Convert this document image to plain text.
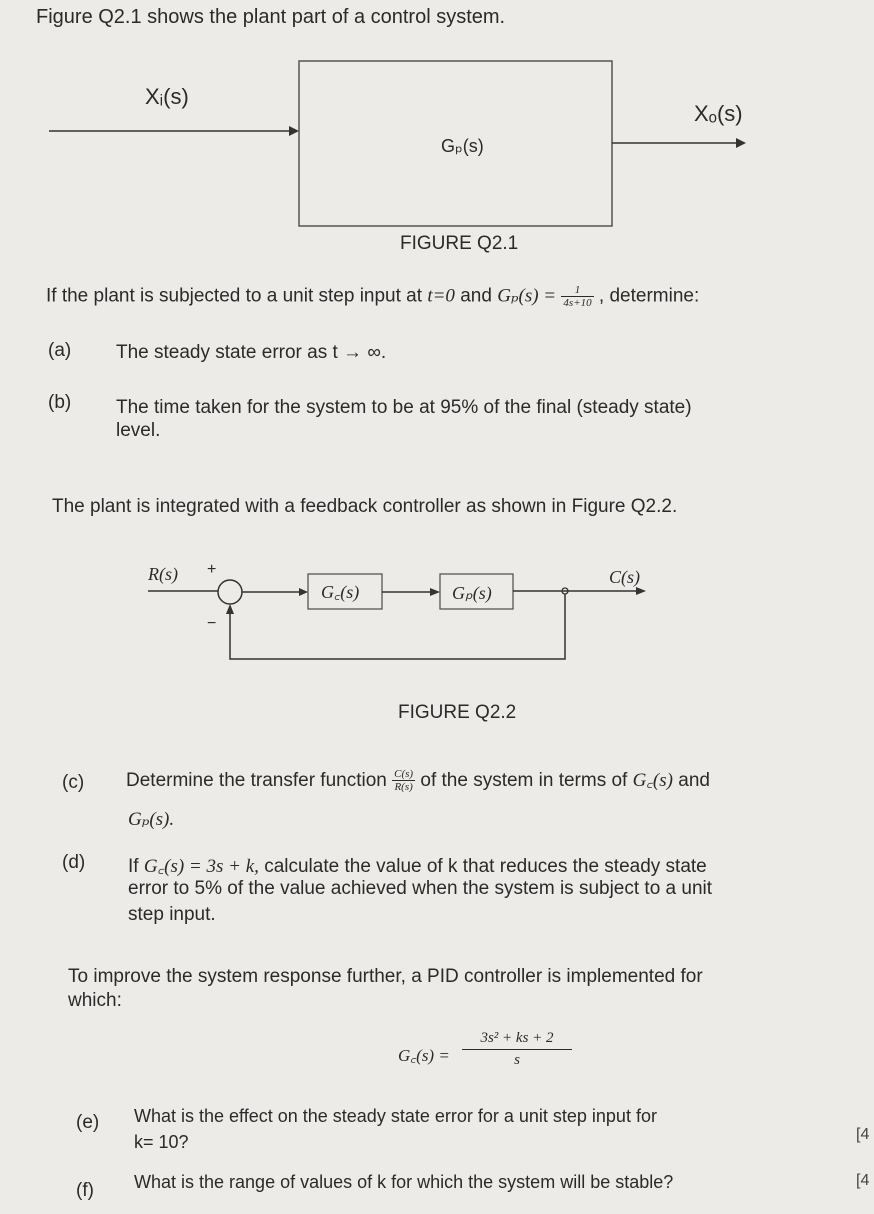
Figure Q2.1 shows the plant part of a control system.
Xᵢ(s)
Xₒ(s)
Gₚ(s)
FIGURE Q2.1
If the plant is subjected to a unit step input at t=0 and $G_p(s) = \frac{1}{4s+10}$ , determine:
(a) The steady state error as t → ∞.
(b) The time taken for the system to be at 95% of the final (steady state)
level.
The plant is integrated with a feedback controller as shown in Figure Q2.2.
R(s) +
−
G꜀(s)	Gₚ(s)
C(s)
FIGURE Q2.2
(c) Determine the transfer function $\frac{C(s)}{R(s)}$ of the system in terms of G꜀(s) and
Gₚ(s).
(d) If G꜀(s) = 3s + k, calculate the value of k that reduces the steady state
error to 5% of the value achieved when the system is subject to a unit
step input.
To improve the system response further, a PID controller is implemented for
which:
G꜀(s) = $\frac{\text{3s² + ks + 2}}{s}$
(e) What is the effect on the steady state error for a unit step input for
k= 10?	[4
(f) What is the range of values of k for which the system will be stable?	[4
